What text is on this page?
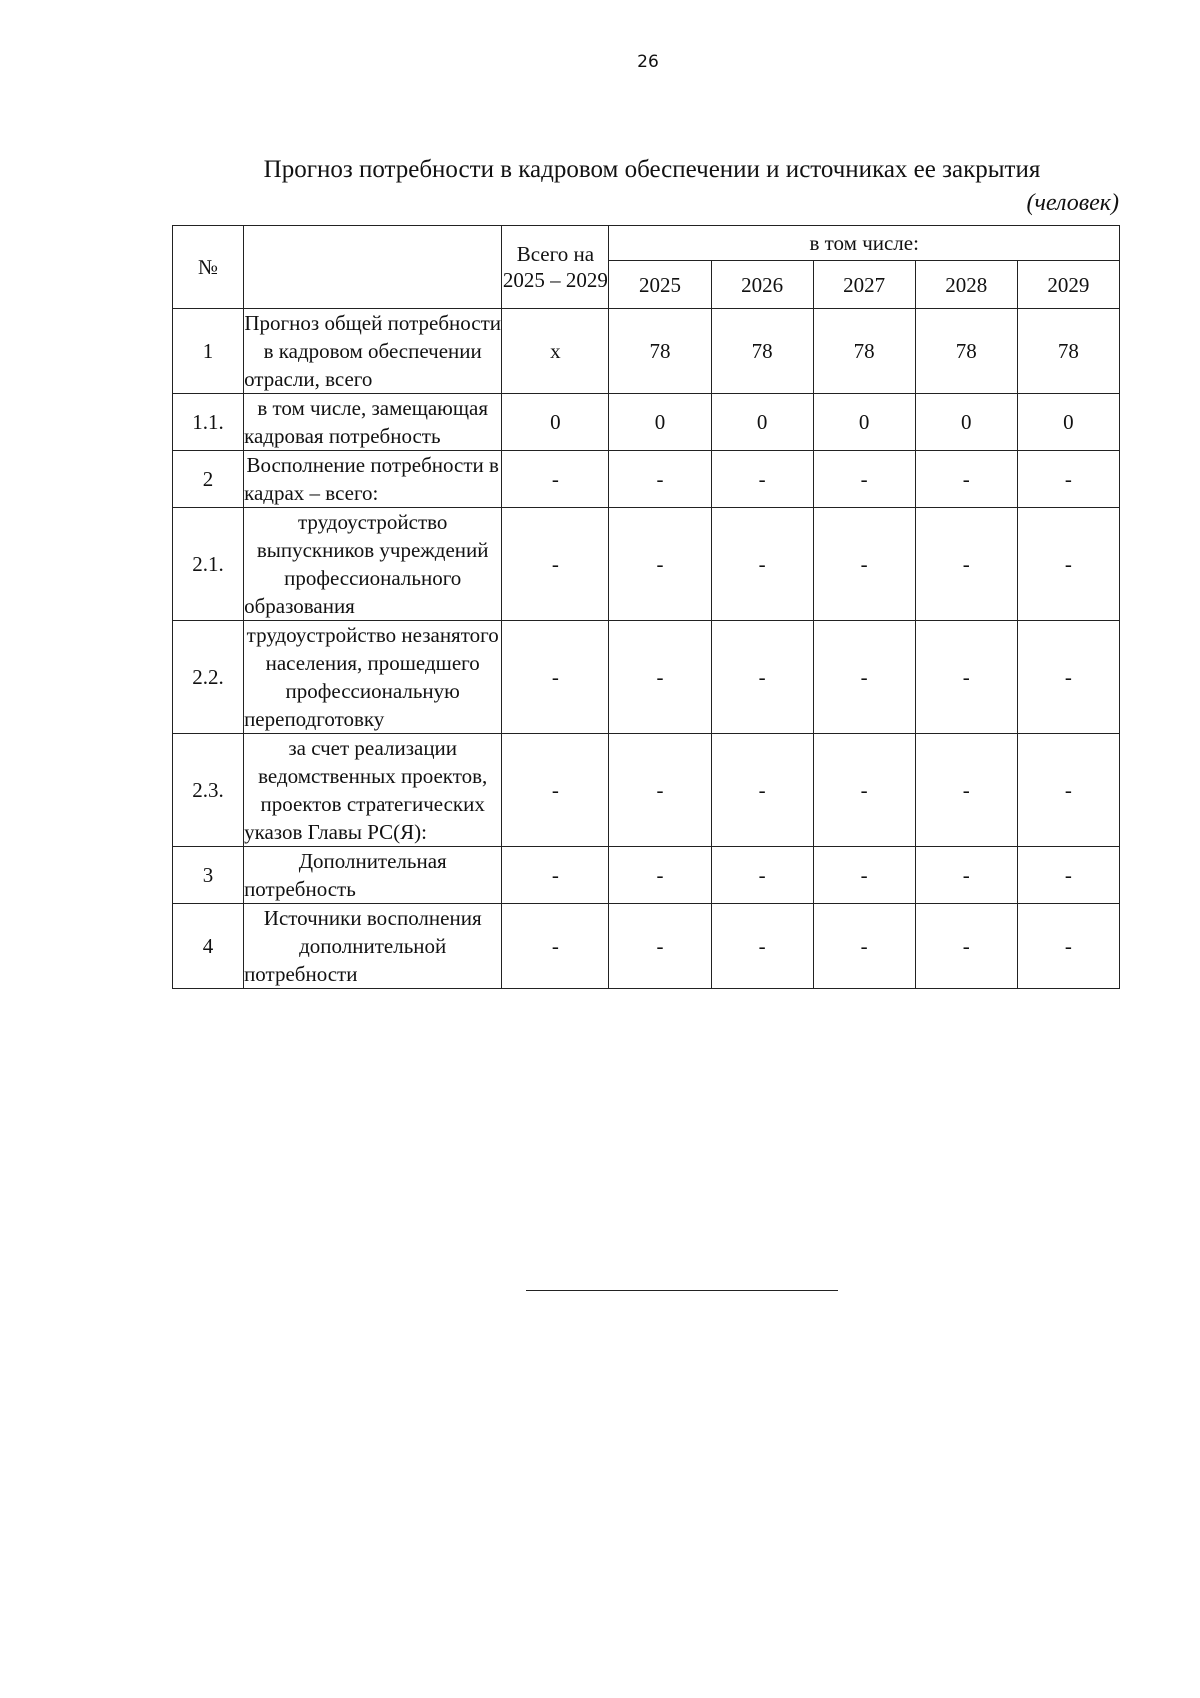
26
Прогноз потребности в кадровом обеспечении и источниках ее закрытия
(человек)
№		Всего на 2025 – 2029	в том числе:				
			2025	2026	2027	2028	2029
1	Прогноз общей потребности в кадровом обеспечении отрасли, всего	х	78	78	78	78	78
1.1.	в том числе, замещающая кадровая потребность	0	0	0	0	0	0
2	Восполнение потребности в кадрах – всего:	-	-	-	-	-	-
2.1.	трудоустройство выпускников учреждений профессионального образования	-	-	-	-	-	-
2.2.	трудоустройство незанятого населения, прошедшего профессиональную переподготовку	-	-	-	-	-	-
2.3.	за счет реализации ведомственных проектов, проектов стратегических указов Главы РС(Я):	-	-	-	-	-	-
3	Дополнительная потребность	-	-	-	-	-	-
4	Источники восполнения дополнительной потребности	-	-	-	-	-	-
